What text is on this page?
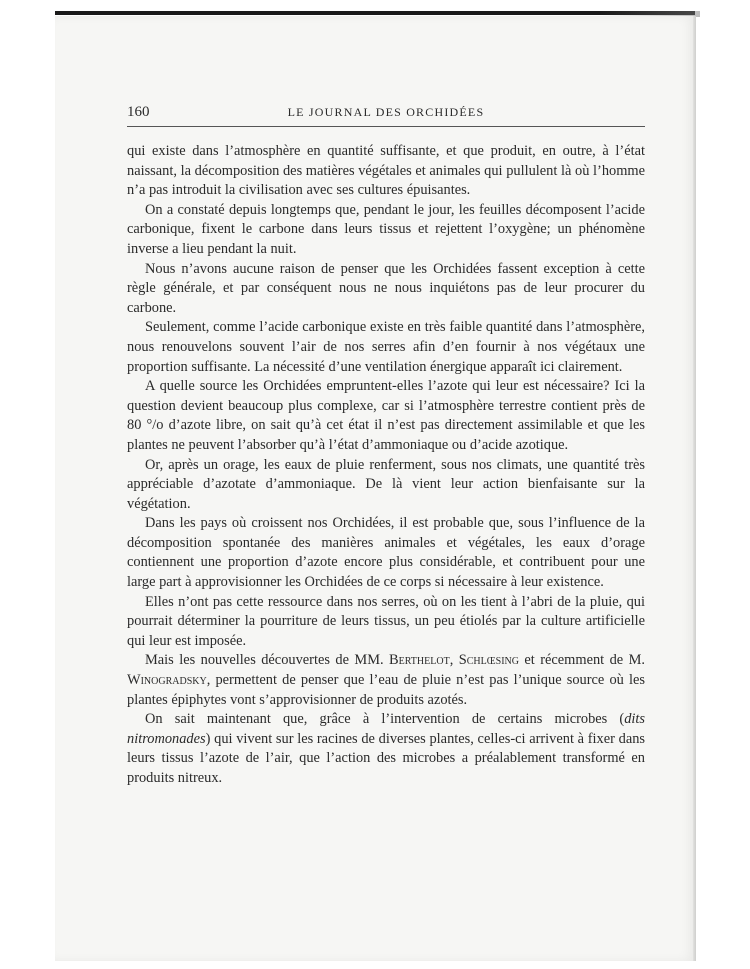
160	LE JOURNAL DES ORCHIDÉES

qui existe dans l’atmosphère en quantité suffisante, et que produit, en outre, à l’état naissant, la décomposition des matières végétales et animales qui pullulent là où l’homme n’a pas introduit la civilisation avec ses cultures épuisantes.

On a constaté depuis longtemps que, pendant le jour, les feuilles décomposent l’acide carbonique, fixent le carbone dans leurs tissus et rejettent l’oxygène; un phénomène inverse a lieu pendant la nuit.

Nous n’avons aucune raison de penser que les Orchidées fassent exception à cette règle générale, et par conséquent nous ne nous inquiétons pas de leur procurer du carbone.

Seulement, comme l’acide carbonique existe en très faible quantité dans l’atmosphère, nous renouvelons souvent l’air de nos serres afin d’en fournir à nos végétaux une proportion suffisante. La nécessité d’une ventilation énergique apparaît ici clairement.

A quelle source les Orchidées empruntent-elles l’azote qui leur est nécessaire? Ici la question devient beaucoup plus complexe, car si l’atmosphère terrestre contient près de 80 °/o d’azote libre, on sait qu’à cet état il n’est pas directement assimilable et que les plantes ne peuvent l’absorber qu’à l’état d’ammoniaque ou d’acide azotique.

Or, après un orage, les eaux de pluie renferment, sous nos climats, une quantité très appréciable d’azotate d’ammoniaque. De là vient leur action bienfaisante sur la végétation.

Dans les pays où croissent nos Orchidées, il est probable que, sous l’influence de la décomposition spontanée des manières animales et végétales, les eaux d’orage contiennent une proportion d’azote encore plus considérable, et contribuent pour une large part à approvisionner les Orchidées de ce corps si nécessaire à leur existence.

Elles n’ont pas cette ressource dans nos serres, où on les tient à l’abri de la pluie, qui pourrait déterminer la pourriture de leurs tissus, un peu étiolés par la culture artificielle qui leur est imposée.

Mais les nouvelles découvertes de MM. Berthelot, Schlœsing et récemment de M. Winogradsky, permettent de penser que l’eau de pluie n’est pas l’unique source où les plantes épiphytes vont s’approvisionner de produits azotés.

On sait maintenant que, grâce à l’intervention de certains microbes (dits nitromonades) qui vivent sur les racines de diverses plantes, celles-ci arrivent à fixer dans leurs tissus l’azote de l’air, que l’action des microbes a préalablement transformé en produits nitreux.
